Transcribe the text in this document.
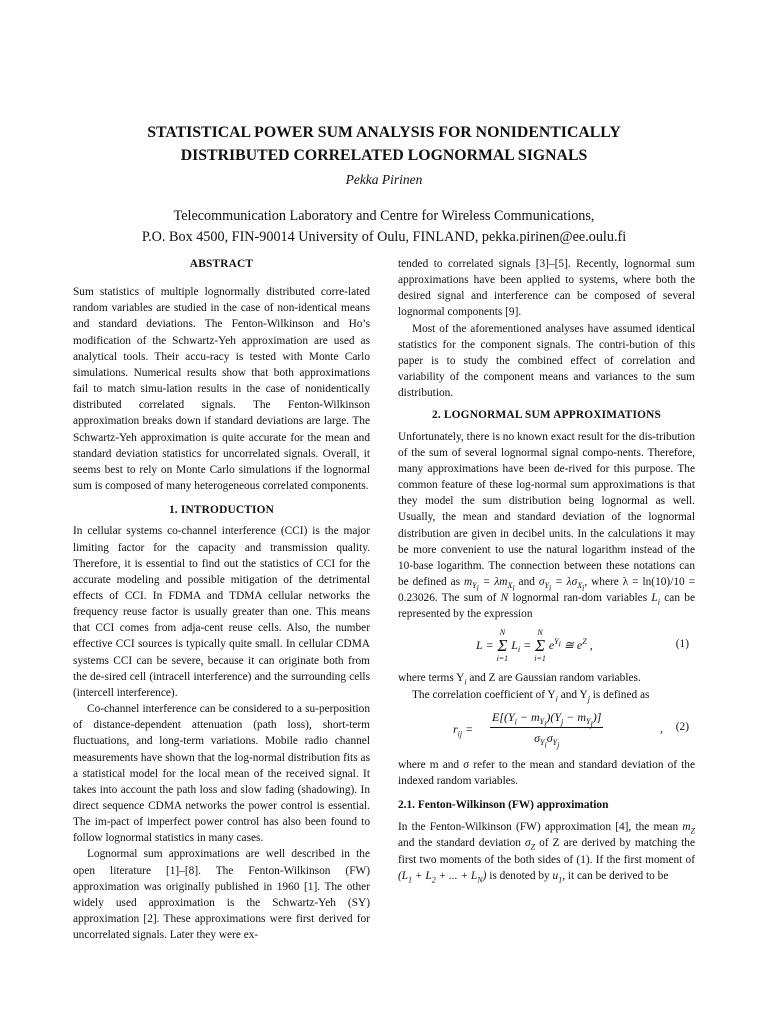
STATISTICAL POWER SUM ANALYSIS FOR NONIDENTICALLY
DISTRIBUTED CORRELATED LOGNORMAL SIGNALS
Pekka Pirinen
Telecommunication Laboratory and Centre for Wireless Communications,
P.O. Box 4500, FIN-90014 University of Oulu, FINLAND, pekka.pirinen@ee.oulu.fi
ABSTRACT

Sum statistics of multiple lognormally distributed corre-lated random variables are studied in the case of non-identical means and standard deviations. The Fenton-Wilkinson and Ho’s modification of the Schwartz-Yeh approximation are used as analytical tools. Their accu-racy is tested with Monte Carlo simulations. Numerical results show that both approximations fail to match simu-lation results in the case of nonidentically distributed correlated signals. The Fenton-Wilkinson approximation breaks down if standard deviations are large. The Schwartz-Yeh approximation is quite accurate for the mean and standard deviation statistics for uncorrelated signals. Overall, it seems best to rely on Monte Carlo simulations if the lognormal sum is composed of many heterogeneous correlated components.

1. INTRODUCTION

In cellular systems co-channel interference (CCI) is the major limiting factor for the capacity and transmission quality. Therefore, it is essential to find out the statistics of CCI for the accurate modeling and possible mitigation of the detrimental effects of CCI. In FDMA and TDMA cellular networks the frequency reuse factor is usually greater than one. This means that CCI comes from adja-cent reuse cells. Also, the number effective CCI sources is typically quite small. In cellular CDMA systems CCI can be severe, because it can originate both from the de-sired cell (intracell interference) and the surrounding cells (intercell interference).

Co-channel interference can be considered to a su-perposition of distance-dependent attenuation (path loss), short-term fluctuations, and long-term variations. Mobile radio channel measurements have shown that the log-normal distribution fits as a statistical model for the local mean of the received signal. It takes into account the path loss and slow fading (shadowing). In direct sequence CDMA networks the power control is essential. The im-pact of imperfect power control has also been found to follow lognormal statistics in many cases.

Lognormal sum approximations are well described in the open literature [1]–[8]. The Fenton-Wilkinson (FW) approximation was originally published in 1960 [1]. The other widely used approximation is the Schwartz-Yeh (SY) approximation [2]. These approximations were first derived for uncorrelated signals. Later they were ex-

tended to correlated signals [3]–[5]. Recently, lognormal sum approximations have been applied to systems, where both the desired signal and interference can be composed of several lognormal components [9].

Most of the aforementioned analyses have assumed identical statistics for the component signals. The contri-bution of this paper is to study the combined effect of correlation and variability of the component means and variances to the sum distribution.

2. LOGNORMAL SUM APPROXIMATIONS

Unfortunately, there is no known exact result for the dis-tribution of the sum of several lognormal signal compo-nents. Therefore, many approximations have been de-rived for this purpose. The common feature of these log-normal sum approximations is that they model the sum distribution being lognormal as well. Usually, the mean and standard deviation of the lognormal distribution are given in decibel units. In the calculations it may be more convenient to use the natural logarithm instead of the 10-base logarithm. The connection between these notations can be defined as $m_{Y_i} = \lambda m_{X_i}$ and $\sigma_{Y_i} = \lambda\sigma_{X_i}$, where λ = ln(10)/10 = 0.23026. The sum of N lognormal ran-dom variables $L_i$ can be represented by the expression

L = N
Σ
i=1 $L_i = N$
Σ
i=1 $e^{Y_i}$ ≅ $e^Z$ ,	(1)

where terms $Y_i$ and Z are Gaussian random variables.

The correlation coefficient of $Y_i$ and $Y_j$ is defined as

$r_{ij}$ =
$E[(Y_i - m_{Y_i})(Y_j - m_{Y_j})]$
$\sigma_{Y_i}\sigma_{Y_j}$
, (2)

where m and σ refer to the mean and standard deviation of the indexed random variables.

2.1. Fenton-Wilkinson (FW) approximation

In the Fenton-Wilkinson (FW) approximation [4], the mean $m_Z$ and the standard deviation $\sigma_Z$ of Z are derived by matching the first two moments of the both sides of (1). If the first moment of ($L_1 + L_2$ + ... + $L_N$) is denoted by $u_1$, it can be derived to be
